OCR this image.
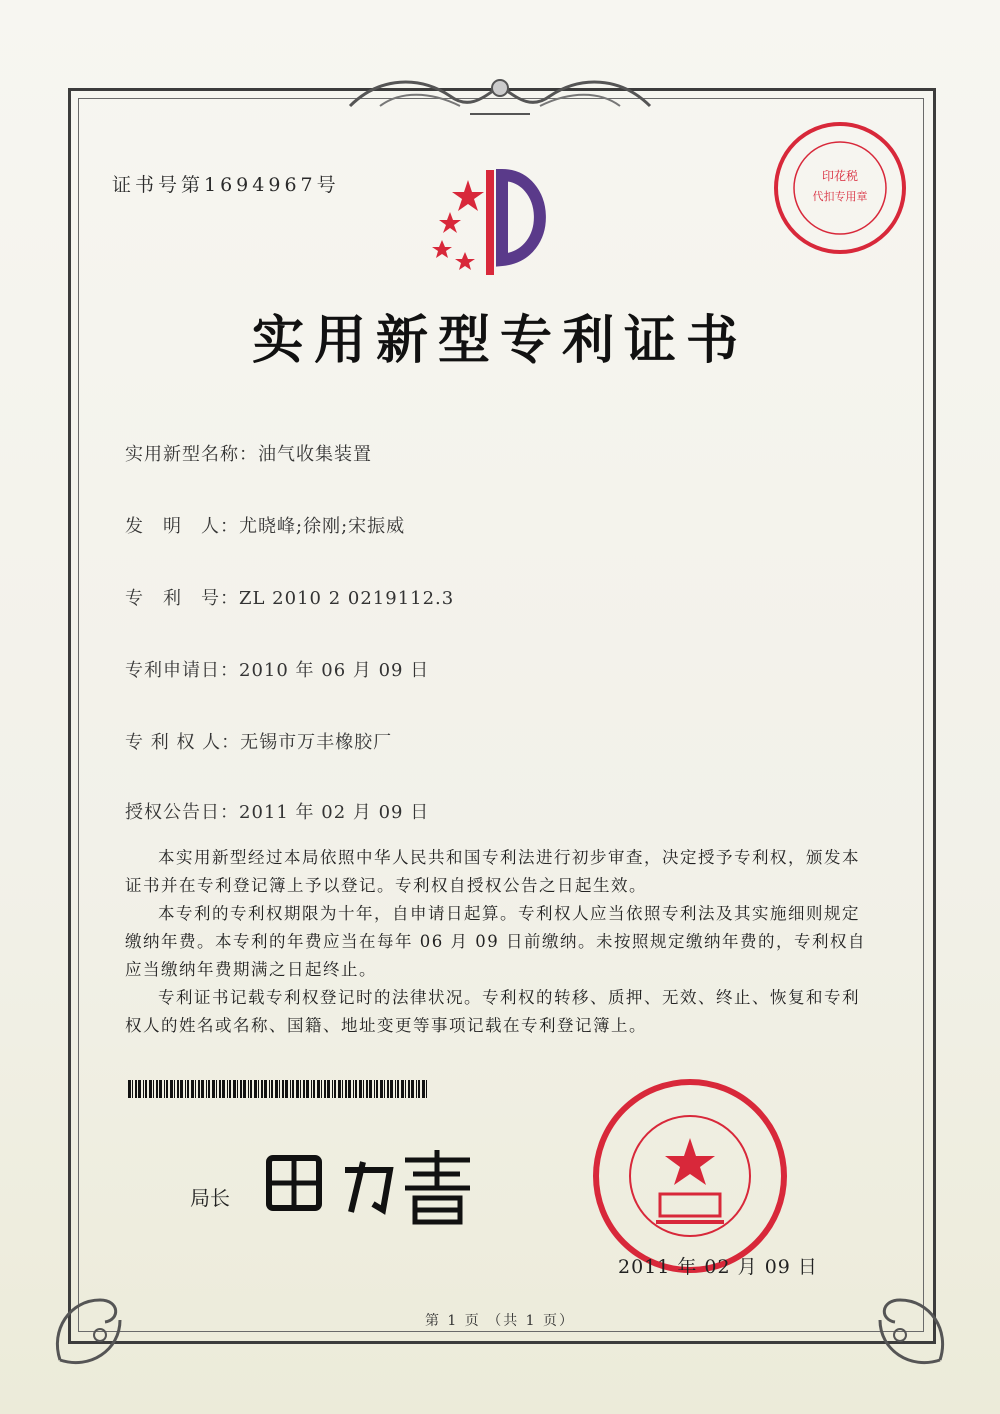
证书号第1694967号	印花税
代扣专用章
实用新型专利证书
实用新型名称：油气收集装置
发　明　人：尤晓峰;徐刚;宋振威
专　利　号：ZL 2010 2 0219112.3
专利申请日：2010 年 06 月 09 日
专 利 权 人：无锡市万丰橡胶厂
授权公告日：2011 年 02 月 09 日

本实用新型经过本局依照中华人民共和国专利法进行初步审查，决定授予专利权，颁发本证书并在专利登记簿上予以登记。专利权自授权公告之日起生效。

本专利的专利权期限为十年，自申请日起算。专利权人应当依照专利法及其实施细则规定缴纳年费。本专利的年费应当在每年 06 月 09 日前缴纳。未按照规定缴纳年费的，专利权自应当缴纳年费期满之日起终止。

专利证书记载专利权登记时的法律状况。专利权的转移、质押、无效、终止、恢复和专利权人的姓名或名称、国籍、地址变更等事项记载在专利登记簿上。

局长
2011 年 02 月 09 日
第 1 页 （共 1 页）
